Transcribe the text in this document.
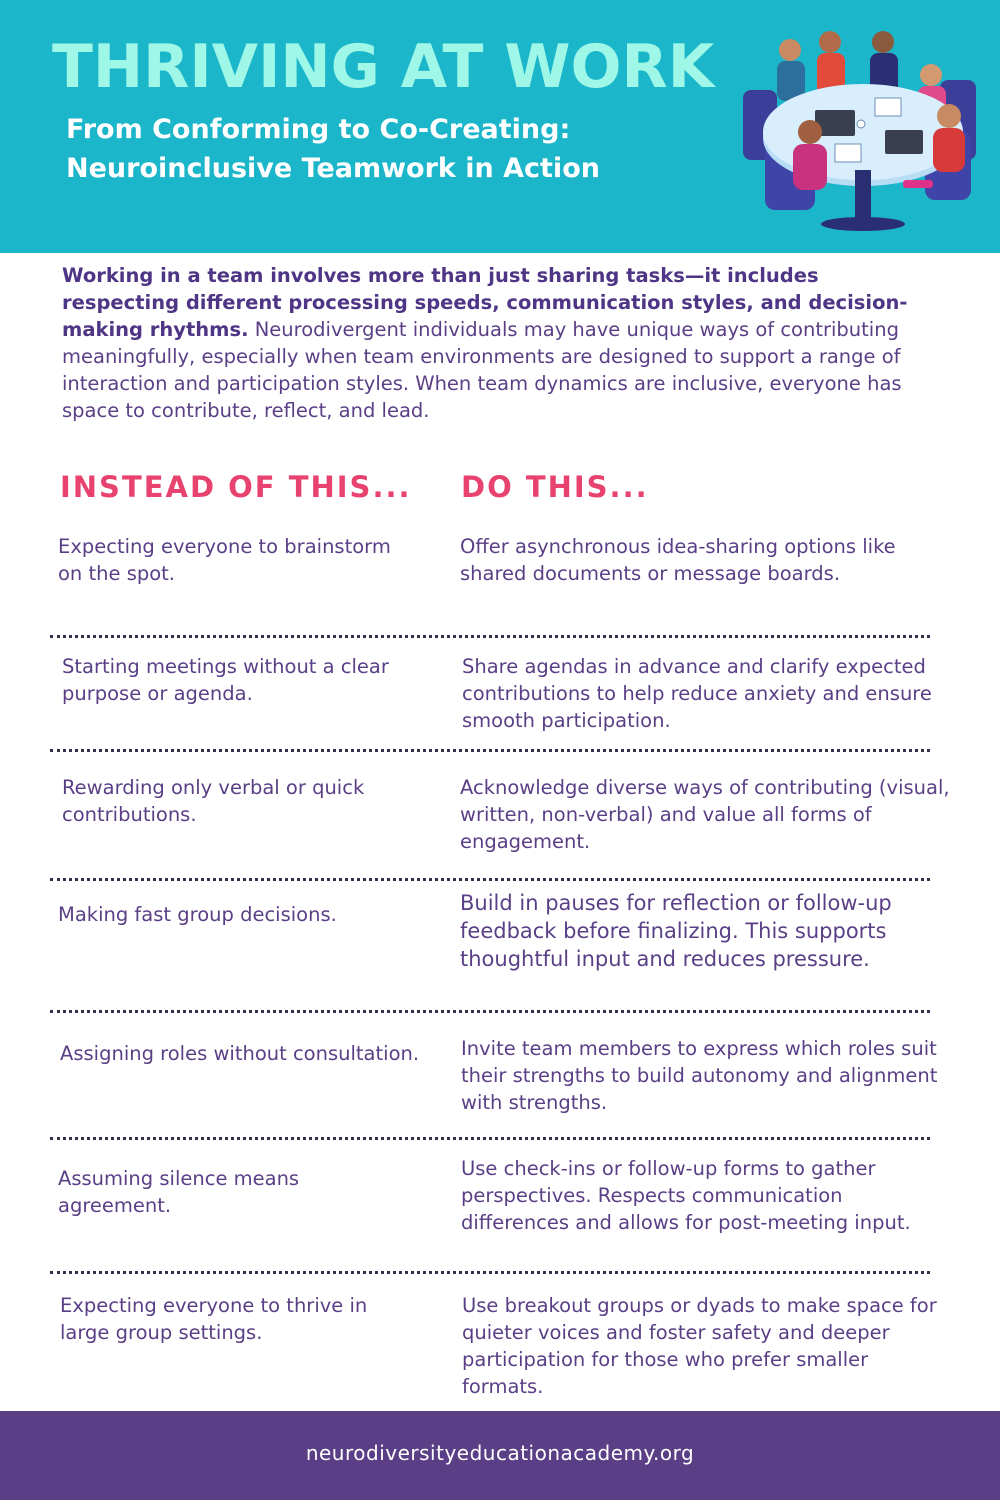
THRIVING AT WORK
From Conforming to Co-Creating:
Neuroinclusive Teamwork in Action
Working in a team involves more than just sharing tasks—it includes respecting different processing speeds, communication styles, and decision-making rhythms. Neurodivergent individuals may have unique ways of contributing meaningfully, especially when team environments are designed to support a range of interaction and participation styles. When team dynamics are inclusive, everyone has space to contribute, reflect, and lead.
INSTEAD OF THIS... DO THIS...
Expecting everyone to brainstorm on the spot.
Offer asynchronous idea-sharing options like shared documents or message boards.
Starting meetings without a clear purpose or agenda.
Share agendas in advance and clarify expected contributions to help reduce anxiety and ensure smooth participation.
Rewarding only verbal or quick contributions.
Acknowledge diverse ways of contributing (visual, written, non-verbal) and value all forms of engagement.
Making fast group decisions.	Build in pauses for reflection or follow-up feedback before finalizing. This supports thoughtful input and reduces pressure.
Assigning roles without consultation. Invite team members to express which roles suit their strengths to build autonomy and alignment with strengths.
Assuming silence means agreement.
Use check-ins or follow-up forms to gather perspectives. Respects communication differences and allows for post-meeting input.
Expecting everyone to thrive in large group settings.
Use breakout groups or dyads to make space for quieter voices and foster safety and deeper participation for those who prefer smaller formats.
neurodiversityeducationacademy.org
